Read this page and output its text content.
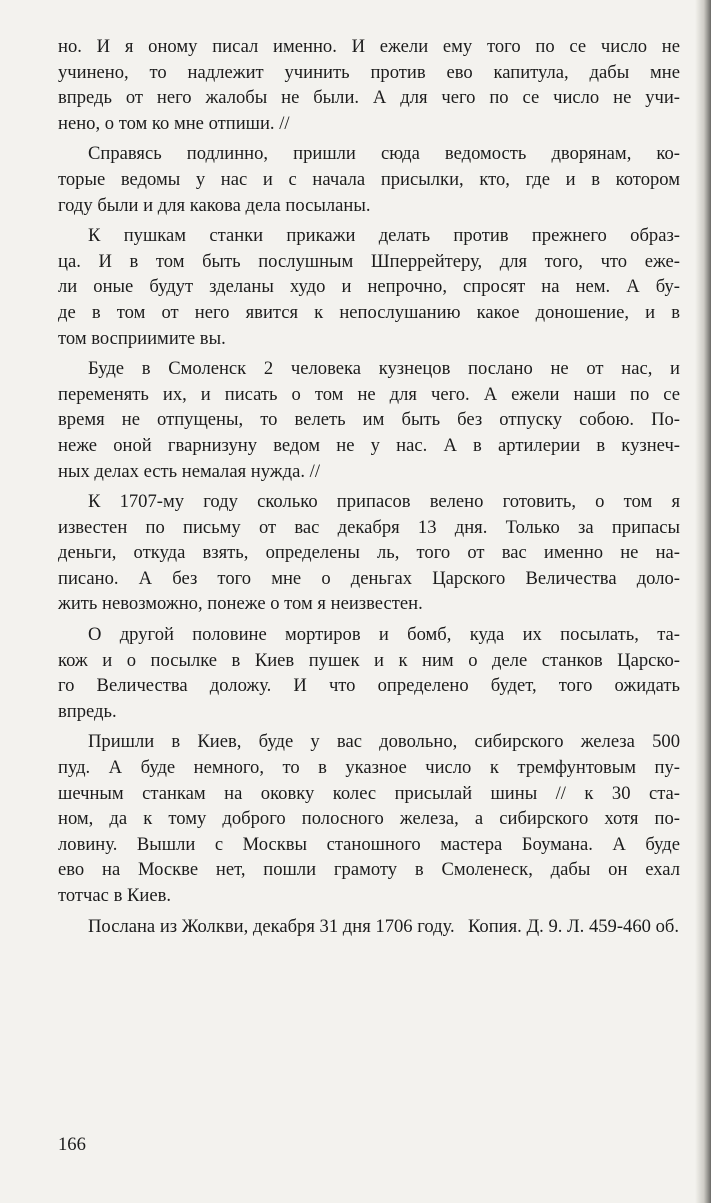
но. И я оному писал именно. И ежели ему того по се число не
учинено, то надлежит учинить против ево капитула, дабы мне
впредь от него жалобы не были. А для чего по се число не учи-
нено, о том ко мне отпиши. //
Справясь подлинно, пришли сюда ведомость дворянам, ко-
торые ведомы у нас и с начала присылки, кто, где и в котором
году были и для какова дела посыланы.
К пушкам станки прикажи делать против прежнего образ-
ца. И в том быть послушным Шперрейтеру, для того, что еже-
ли оные будут зделаны худо и непрочно, спросят на нем. А бу-
де в том от него явится к непослушанию какое доношение, и в
том восприимите вы.
Буде в Смоленск 2 человека кузнецов послано не от нас, и
переменять их, и писать о том не для чего. А ежели наши по се
время не отпущены, то велеть им быть без отпуску собою. По-
неже оной гварнизуну ведом не у нас. А в артилерии в кузнеч-
ных делах есть немалая нужда. //
К 1707-му году сколько припасов велено готовить, о том я
известен по письму от вас декабря 13 дня. Только за припасы
деньги, откуда взять, определены ль, того от вас именно не на-
писано. А без того мне о деньгах Царского Величества доло-
жить невозможно, понеже о том я неизвестен.
О другой половине мортиров и бомб, куда их посылать, та-
кож и о посылке в Киев пушек и к ним о деле станков Царско-
го Величества доложу. И что определено будет, того ожидать
впредь.
Пришли в Киев, буде у вас довольно, сибирского железа 500
пуд. А буде немного, то в указное число к тремфунтовым пу-
шечным станкам на оковку колес присылай шины // к 30 ста-
ном, да к тому доброго полосного железа, а сибирского хотя по-
ловину. Вышли с Москвы станошного мастера Боумана. А буде
ево на Москве нет, пошли грамоту в Смоленеск, дабы он ехал
тотчас в Киев.
Послана из Жолкви, декабря 31 дня 1706 году. Копия. Д. 9. Л. 459-460 об.
166
